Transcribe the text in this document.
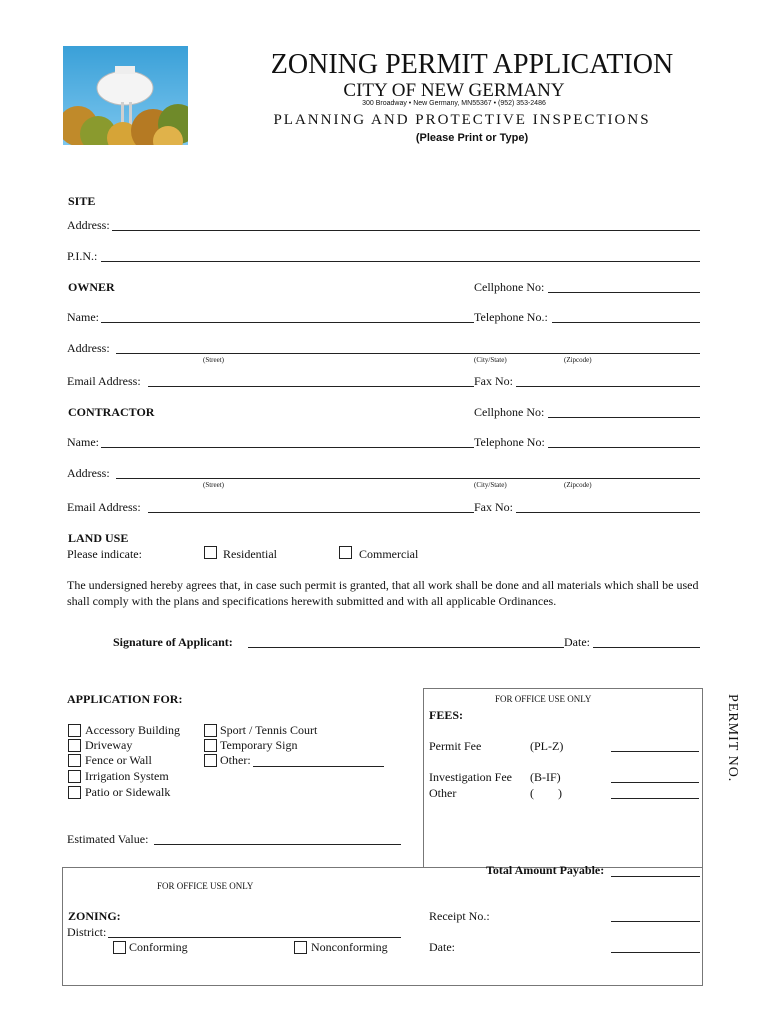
ZONING PERMIT APPLICATION
CITY OF NEW GERMANY
300 Broadway • New Germany, MN55367 • (952) 353-2486
PLANNING AND PROTECTIVE INSPECTIONS
(Please Print or Type)
SITE
Address:
P.I.N.:
OWNER	Cellphone No:
Name:	Telephone No.:
Address:
(Street)	(City/State)	(Zipcode)
Email Address:	Fax No:
CONTRACTOR	Cellphone No:
Name:	Telephone No:
Address:
(Street)	(City/State)	(Zipcode)
Email Address:	Fax No:
LAND USE
Please indicate:	Residential	Commercial
The undersigned hereby agrees that, in case such permit is granted, that all work shall be done and all materials which shall be used shall comply with the plans and specifications herewith submitted and with all applicable Ordinances.
Signature of Applicant:	Date:
APPLICATION FOR:
Accessory Building
Driveway
Fence or Wall
Irrigation System
Patio or Sidewalk
Sport / Tennis Court
Temporary Sign
Other:
Estimated Value:
FOR OFFICE USE ONLY
FEES:
Permit Fee	(PL-Z)
Investigation Fee (B-IF)
Other	(        )
Total Amount Payable:
PERMIT NO.
FOR OFFICE USE ONLY
ZONING:
District:
Conforming	Nonconforming
Receipt No.:
Date:
